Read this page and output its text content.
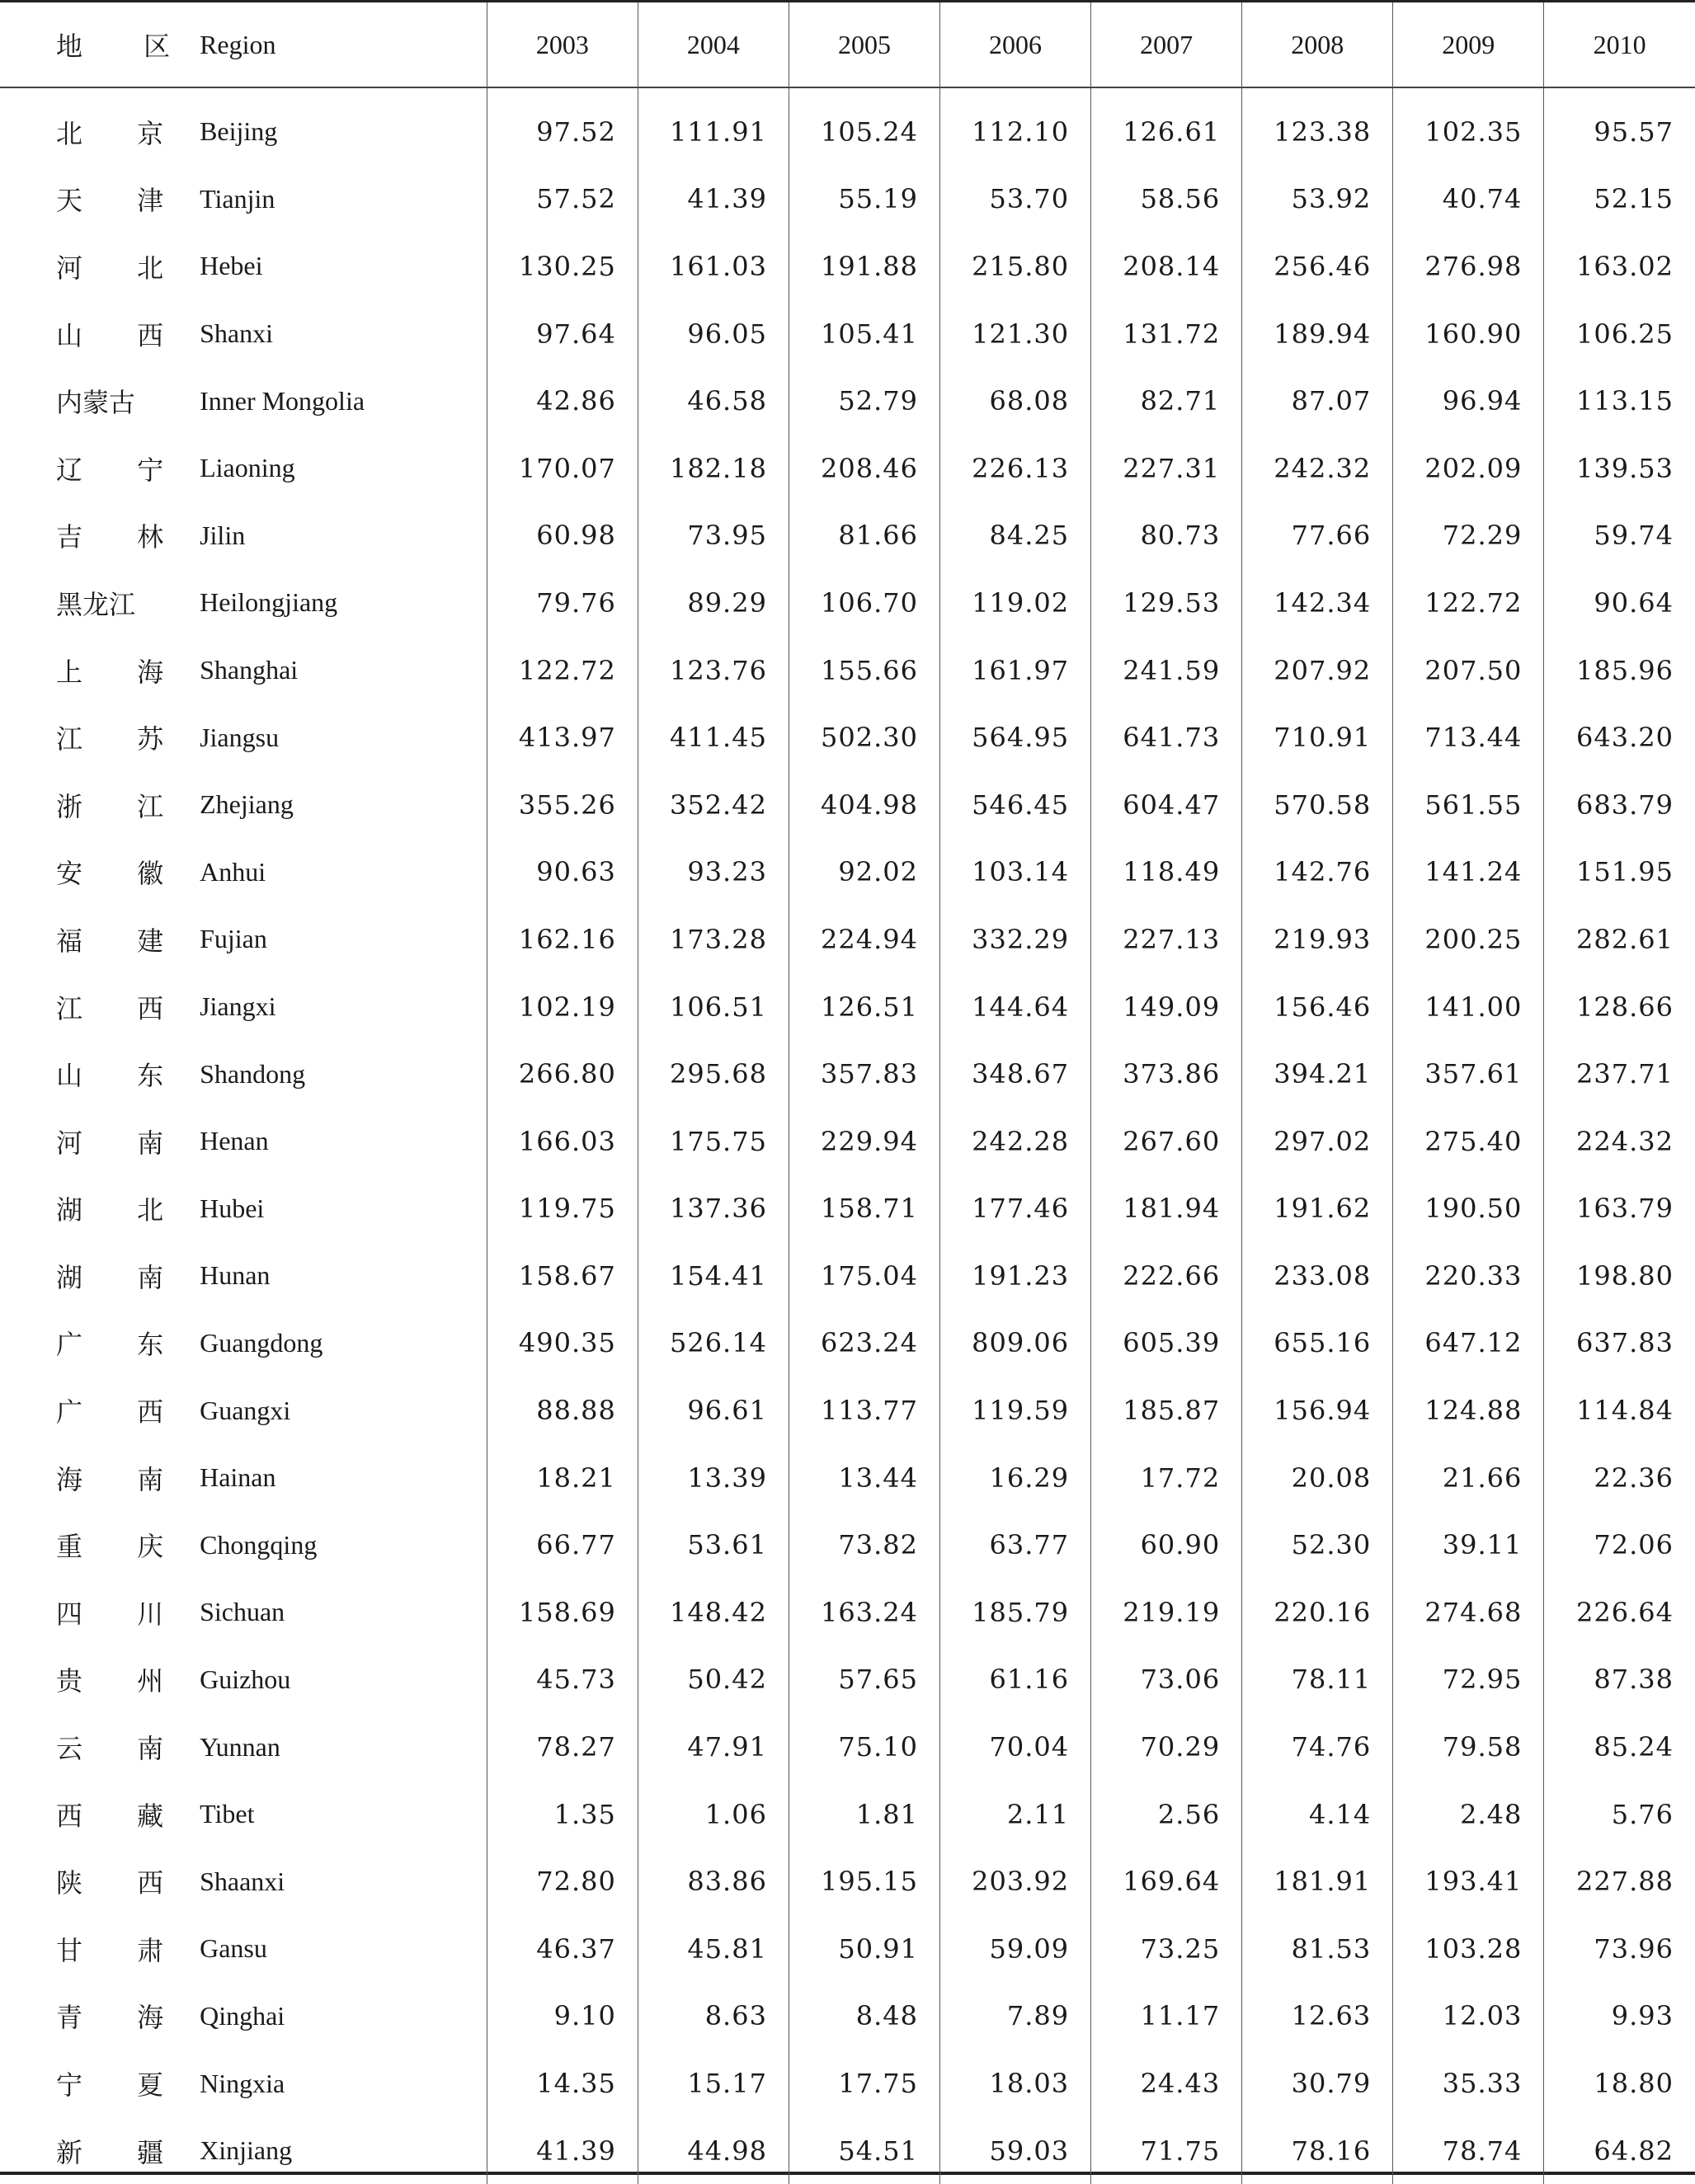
地 区	Region	2003	2004	2005	2006	2007	2008	2009	2010
北 京	Beijing	97.52	111.91	105.24	112.10	126.61	123.38	102.35	95.57
天 津	Tianjin	57.52	41.39	55.19	53.70	58.56	53.92	40.74	52.15
河 北	Hebei	130.25	161.03	191.88	215.80	208.14	256.46	276.98	163.02
山 西	Shanxi	97.64	96.05	105.41	121.30	131.72	189.94	160.90	106.25
内蒙古	Inner Mongolia	42.86	46.58	52.79	68.08	82.71	87.07	96.94	113.15
辽 宁	Liaoning	170.07	182.18	208.46	226.13	227.31	242.32	202.09	139.53
吉 林	Jilin	60.98	73.95	81.66	84.25	80.73	77.66	72.29	59.74
黑龙江	Heilongjiang	79.76	89.29	106.70	119.02	129.53	142.34	122.72	90.64
上 海	Shanghai	122.72	123.76	155.66	161.97	241.59	207.92	207.50	185.96
江 苏	Jiangsu	413.97	411.45	502.30	564.95	641.73	710.91	713.44	643.20
浙 江	Zhejiang	355.26	352.42	404.98	546.45	604.47	570.58	561.55	683.79
安 徽	Anhui	90.63	93.23	92.02	103.14	118.49	142.76	141.24	151.95
福 建	Fujian	162.16	173.28	224.94	332.29	227.13	219.93	200.25	282.61
江 西	Jiangxi	102.19	106.51	126.51	144.64	149.09	156.46	141.00	128.66
山 东	Shandong	266.80	295.68	357.83	348.67	373.86	394.21	357.61	237.71
河 南	Henan	166.03	175.75	229.94	242.28	267.60	297.02	275.40	224.32
湖 北	Hubei	119.75	137.36	158.71	177.46	181.94	191.62	190.50	163.79
湖 南	Hunan	158.67	154.41	175.04	191.23	222.66	233.08	220.33	198.80
广 东	Guangdong	490.35	526.14	623.24	809.06	605.39	655.16	647.12	637.83
广 西	Guangxi	88.88	96.61	113.77	119.59	185.87	156.94	124.88	114.84
海 南	Hainan	18.21	13.39	13.44	16.29	17.72	20.08	21.66	22.36
重 庆	Chongqing	66.77	53.61	73.82	63.77	60.90	52.30	39.11	72.06
四 川	Sichuan	158.69	148.42	163.24	185.79	219.19	220.16	274.68	226.64
贵 州	Guizhou	45.73	50.42	57.65	61.16	73.06	78.11	72.95	87.38
云 南	Yunnan	78.27	47.91	75.10	70.04	70.29	74.76	79.58	85.24
西 藏	Tibet	1.35	1.06	1.81	2.11	2.56	4.14	2.48	5.76
陕 西	Shaanxi	72.80	83.86	195.15	203.92	169.64	181.91	193.41	227.88
甘 肃	Gansu	46.37	45.81	50.91	59.09	73.25	81.53	103.28	73.96
青 海	Qinghai	9.10	8.63	8.48	7.89	11.17	12.63	12.03	9.93
宁 夏	Ningxia	14.35	15.17	17.75	18.03	24.43	30.79	35.33	18.80
新 疆	Xinjiang	41.39	44.98	54.51	59.03	71.75	78.16	78.74	64.82
